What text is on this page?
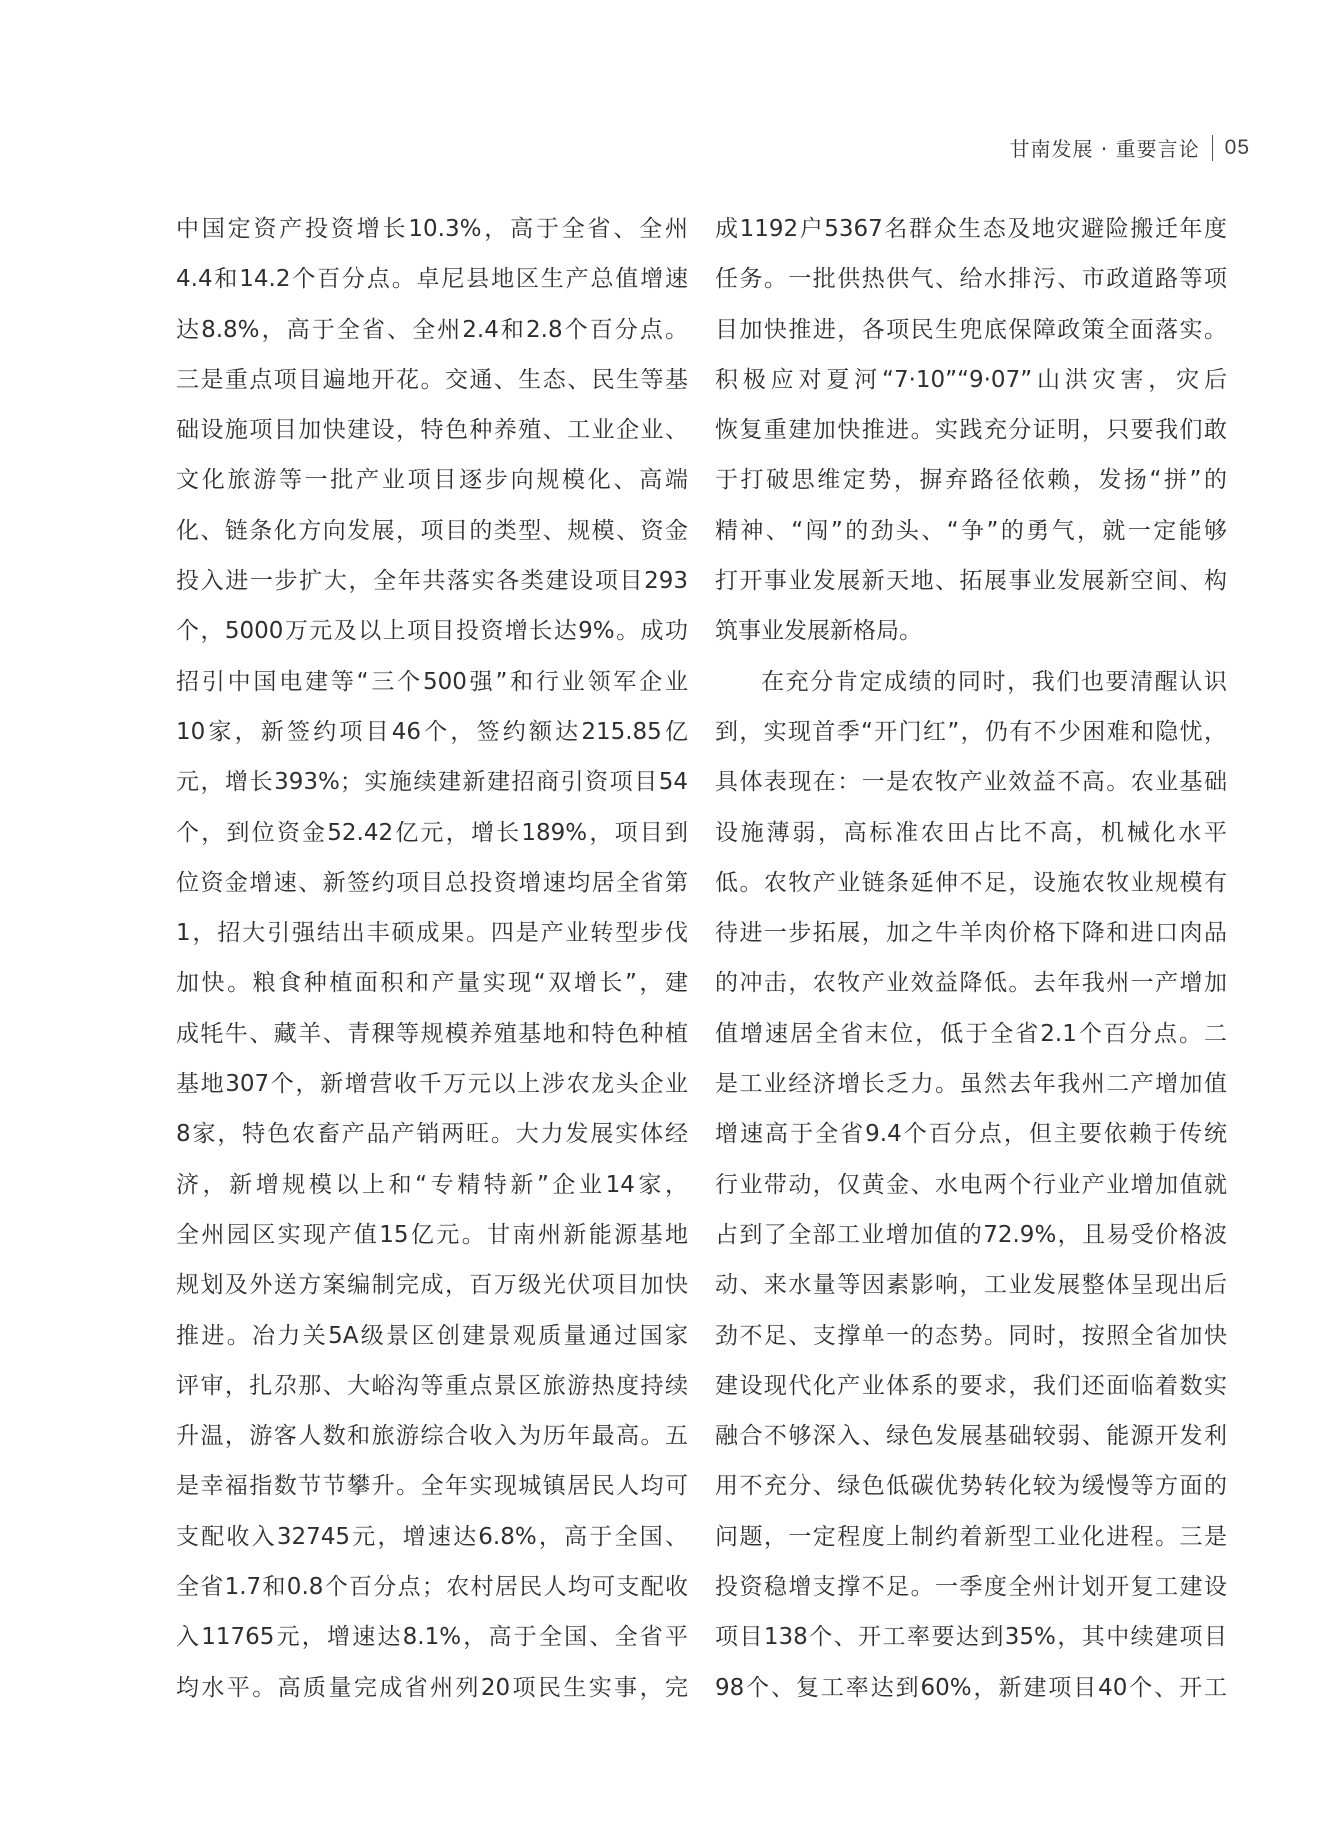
甘南发展 · 重要言论 05
中国定资产投资增长10.3%，高于全省、全州
4.4和14.2个百分点。卓尼县地区生产总值增速
达8.8%，高于全省、全州2.4和2.8个百分点。
三是重点项目遍地开花。交通、生态、民生等基
础设施项目加快建设，特色种养殖、工业企业、
文化旅游等一批产业项目逐步向规模化、高端
化、链条化方向发展，项目的类型、规模、资金
投入进一步扩大，全年共落实各类建设项目293
个，5000万元及以上项目投资增长达9%。成功
招引中国电建等“三个500强”和行业领军企业
10家，新签约项目46个，签约额达215.85亿
元，增长393%；实施续建新建招商引资项目54
个，到位资金52.42亿元，增长189%，项目到
位资金增速、新签约项目总投资增速均居全省第
1，招大引强结出丰硕成果。四是产业转型步伐
加快。粮食种植面积和产量实现“双增长”，建
成牦牛、藏羊、青稞等规模养殖基地和特色种植
基地307个，新增营收千万元以上涉农龙头企业
8家，特色农畜产品产销两旺。大力发展实体经
济，新增规模以上和“专精特新”企业14家，
全州园区实现产值15亿元。甘南州新能源基地
规划及外送方案编制完成，百万级光伏项目加快
推进。冶力关5A级景区创建景观质量通过国家
评审，扎尕那、大峪沟等重点景区旅游热度持续
升温，游客人数和旅游综合收入为历年最高。五
是幸福指数节节攀升。全年实现城镇居民人均可
支配收入32745元，增速达6.8%，高于全国、
全省1.7和0.8个百分点；农村居民人均可支配收
入11765元，增速达8.1%，高于全国、全省平
均水平。高质量完成省州列20项民生实事，完
成1192户5367名群众生态及地灾避险搬迁年度
任务。一批供热供气、给水排污、市政道路等项
目加快推进，各项民生兜底保障政策全面落实。
积极应对夏河“7·10”“9·07”山洪灾害，灾后
恢复重建加快推进。实践充分证明，只要我们敢
于打破思维定势，摒弃路径依赖，发扬“拼”的
精神、“闯”的劲头、“争”的勇气，就一定能够
打开事业发展新天地、拓展事业发展新空间、构
筑事业发展新格局。
在充分肯定成绩的同时，我们也要清醒认识
到，实现首季“开门红”，仍有不少困难和隐忧，
具体表现在：一是农牧产业效益不高。农业基础
设施薄弱，高标准农田占比不高，机械化水平
低。农牧产业链条延伸不足，设施农牧业规模有
待进一步拓展，加之牛羊肉价格下降和进口肉品
的冲击，农牧产业效益降低。去年我州一产增加
值增速居全省末位，低于全省2.1个百分点。二
是工业经济增长乏力。虽然去年我州二产增加值
增速高于全省9.4个百分点，但主要依赖于传统
行业带动，仅黄金、水电两个行业产业增加值就
占到了全部工业增加值的72.9%，且易受价格波
动、来水量等因素影响，工业发展整体呈现出后
劲不足、支撑单一的态势。同时，按照全省加快
建设现代化产业体系的要求，我们还面临着数实
融合不够深入、绿色发展基础较弱、能源开发利
用不充分、绿色低碳优势转化较为缓慢等方面的
问题，一定程度上制约着新型工业化进程。三是
投资稳增支撑不足。一季度全州计划开复工建设
项目138个、开工率要达到35%，其中续建项目
98个、复工率达到60%，新建项目40个、开工
